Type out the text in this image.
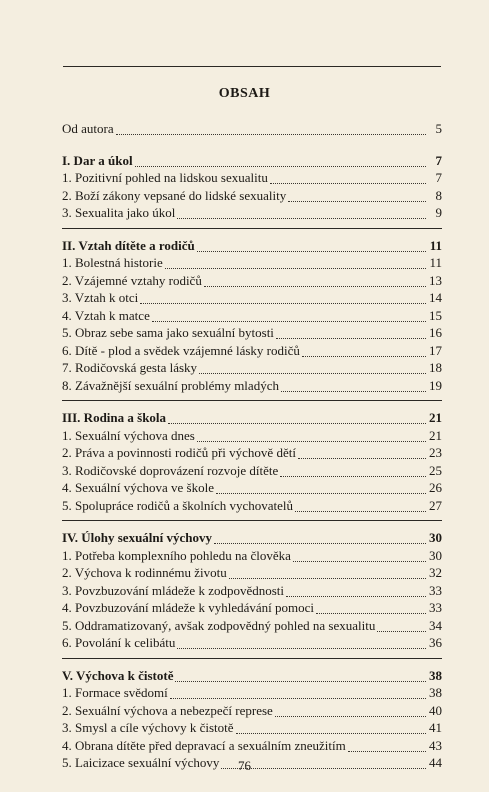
OBSAH
Od autora	5
I. Dar a úkol	7
1. Pozitivní pohled na lidskou sexualitu	7
2. Boží zákony vepsané do lidské sexuality	8
3. Sexualita jako úkol	9
II. Vztah dítěte a rodičů	11
1. Bolestná historie	11
2. Vzájemné vztahy rodičů	13
3. Vztah k otci	14
4. Vztah k matce	15
5. Obraz sebe sama jako sexuální bytosti	16
6. Dítě - plod a svědek vzájemné lásky rodičů	17
7. Rodičovská gesta lásky	18
8. Závažnější sexuální problémy mladých	19
III. Rodina a škola	21
1. Sexuální výchova dnes	21
2. Práva a povinnosti rodičů při výchově dětí	23
3. Rodičovské doprovázení rozvoje dítěte	25
4. Sexuální výchova ve škole	26
5. Spolupráce rodičů a školních vychovatelů	27
IV. Úlohy sexuální výchovy	30
1. Potřeba komplexního pohledu na člověka	30
2. Výchova k rodinnému životu	32
3. Povzbuzování mládeže k zodpovědnosti	33
4. Povzbuzování mládeže k vyhledávání pomoci	33
5. Oddramatizovaný, avšak zodpovědný pohled na sexualitu	34
6. Povolání k celibátu	36
V. Výchova k čistotě	38
1. Formace svědomí	38
2. Sexuální výchova a nebezpečí represe	40
3. Smysl a cíle výchovy k čistotě	41
4. Obrana dítěte před depravací a sexuálním zneužitím	43
5. Laicizace sexuální výchovy	44
76
